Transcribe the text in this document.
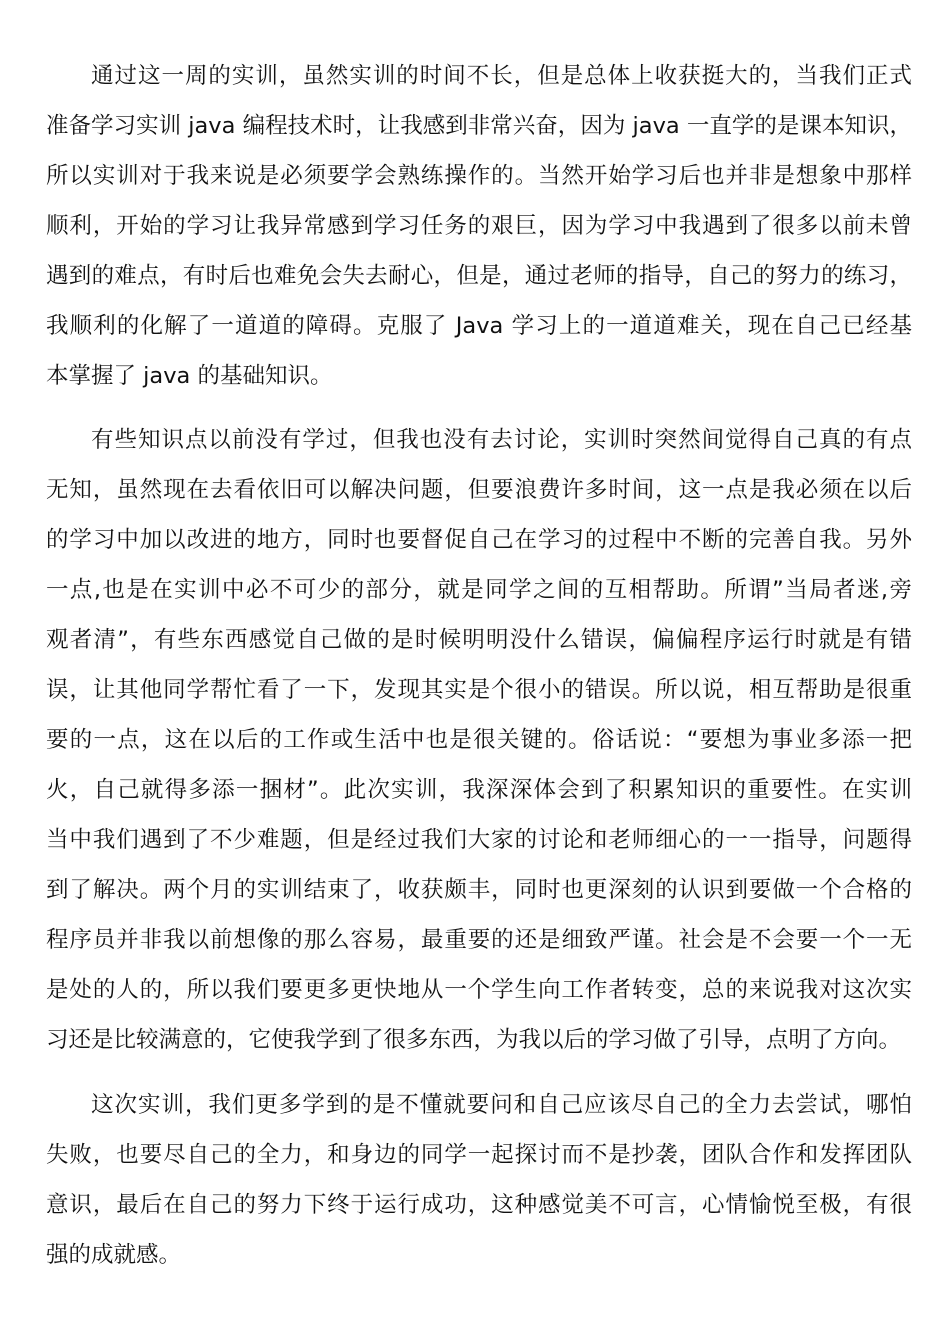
通过这一周的实训，虽然实训的时间不长，但是总体上收获挺大的，当我们正式
准备学习实训 java 编程技术时，让我感到非常兴奋，因为 java 一直学的是课本知识，
所以实训对于我来说是必须要学会熟练操作的。当然开始学习后也并非是想象中那样
顺利，开始的学习让我异常感到学习任务的艰巨，因为学习中我遇到了很多以前未曾
遇到的难点，有时后也难免会失去耐心，但是，通过老师的指导，自己的努力的练习，
我顺利的化解了一道道的障碍。克服了 Java 学习上的一道道难关，现在自己已经基
本掌握了 java 的基础知识。
有些知识点以前没有学过，但我也没有去讨论，实训时突然间觉得自己真的有点
无知，虽然现在去看依旧可以解决问题，但要浪费许多时间，这一点是我必须在以后
的学习中加以改进的地方，同时也要督促自己在学习的过程中不断的完善自我。另外
一点,也是在实训中必不可少的部分，就是同学之间的互相帮助。所谓”当局者迷,旁
观者清”，有些东西感觉自己做的是时候明明没什么错误，偏偏程序运行时就是有错
误，让其他同学帮忙看了一下，发现其实是个很小的错误。所以说，相互帮助是很重
要的一点，这在以后的工作或生活中也是很关键的。俗话说：“要想为事业多添一把
火，自己就得多添一捆材”。此次实训，我深深体会到了积累知识的重要性。在实训
当中我们遇到了不少难题，但是经过我们大家的讨论和老师细心的一一指导，问题得
到了解决。两个月的实训结束了，收获颇丰，同时也更深刻的认识到要做一个合格的
程序员并非我以前想像的那么容易，最重要的还是细致严谨。社会是不会要一个一无
是处的人的，所以我们要更多更快地从一个学生向工作者转变，总的来说我对这次实
习还是比较满意的，它使我学到了很多东西，为我以后的学习做了引导，点明了方向。
这次实训，我们更多学到的是不懂就要问和自己应该尽自己的全力去尝试，哪怕
失败，也要尽自己的全力，和身边的同学一起探讨而不是抄袭，团队合作和发挥团队
意识，最后在自己的努力下终于运行成功，这种感觉美不可言，心情愉悦至极，有很
强的成就感。
